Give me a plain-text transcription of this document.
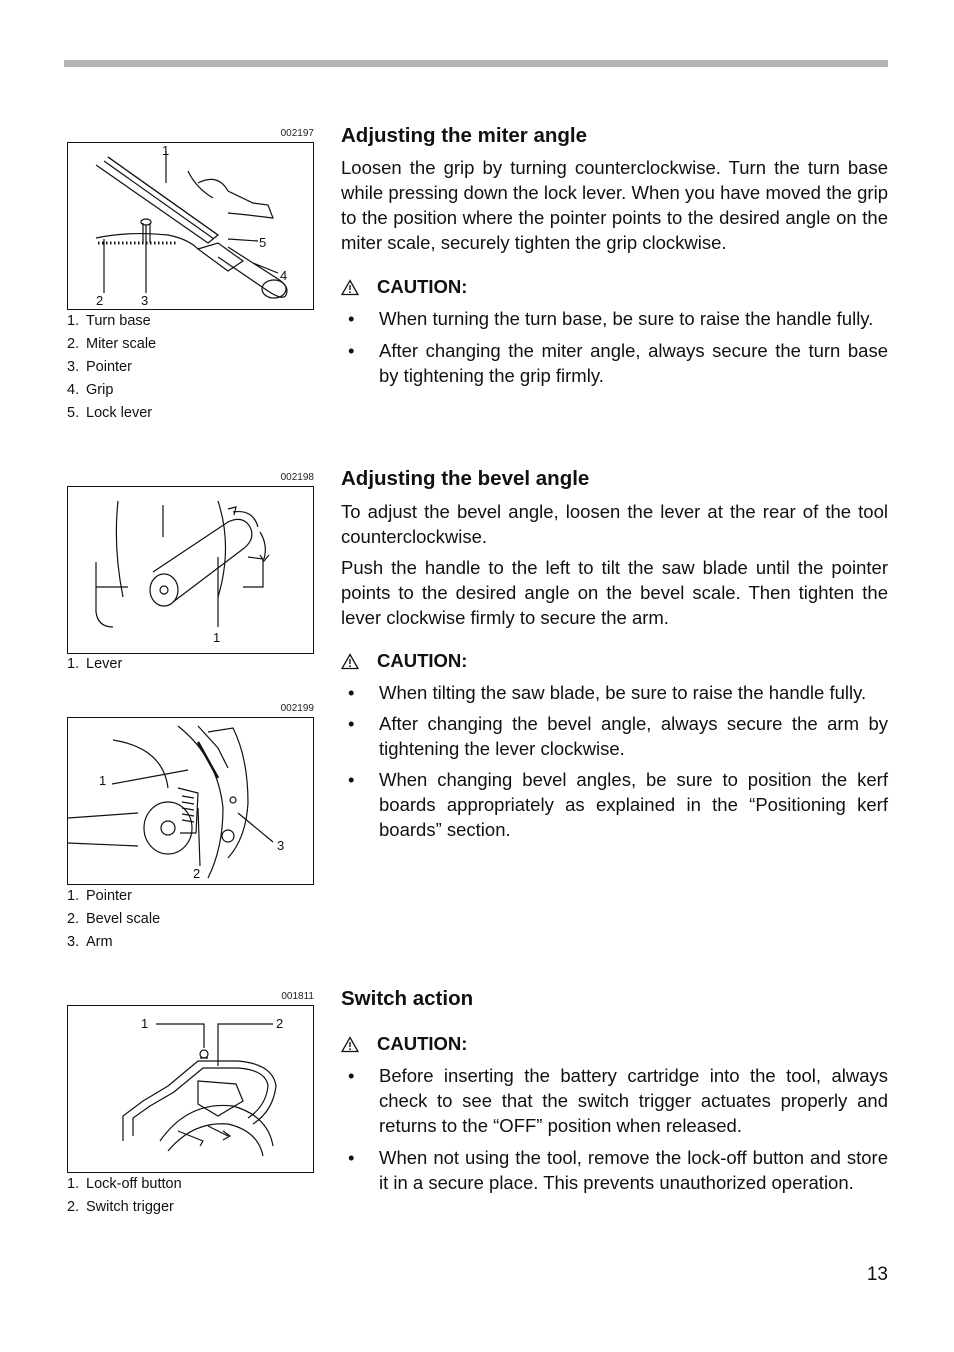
002197
1
2	3
4
5
1. Turn base
2. Miter scale
3. Pointer
4. Grip
5. Lock lever
002198
1
1. Lever
002199
1
2
3
1. Pointer
2. Bevel scale
3. Arm
001811
1	2
1. Lock-off button
2. Switch trigger
Adjusting the miter angle

Loosen the grip by turning counterclockwise. Turn the turn base while pressing down the lock lever. When you have moved the grip to the position where the pointer points to the desired angle on the miter scale, securely tighten the grip clockwise.

CAUTION:
• When turning the turn base, be sure to raise the handle fully.
• After changing the miter angle, always secure the turn base by tightening the grip firmly.
Adjusting the bevel angle

To adjust the bevel angle, loosen the lever at the rear of the tool counterclockwise.

Push the handle to the left to tilt the saw blade until the pointer points to the desired angle on the bevel scale. Then tighten the lever clockwise firmly to secure the arm.

CAUTION:
• When tilting the saw blade, be sure to raise the handle fully.
• After changing the bevel angle, always secure the arm by tightening the lever clockwise.
• When changing bevel angles, be sure to position the kerf boards appropriately as explained in the “Positioning kerf boards” section.
Switch action
CAUTION:
• Before inserting the battery cartridge into the tool, always check to see that the switch trigger actuates properly and returns to the “OFF” position when released.
• When not using the tool, remove the lock-off button and store it in a secure place. This prevents unauthorized operation.
13
